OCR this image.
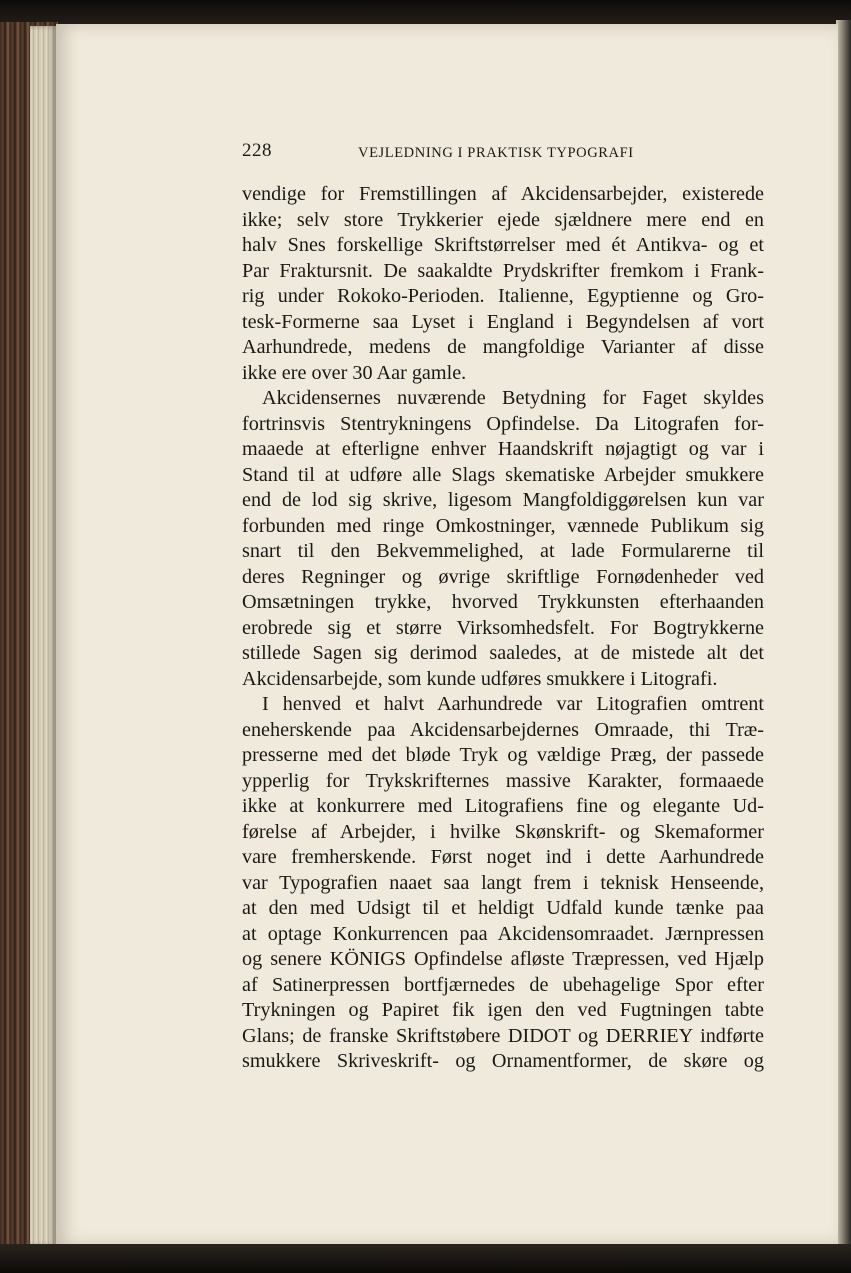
228	VEJLEDNING I PRAKTISK TYPOGRAFI
vendige for Fremstillingen af Akcidensarbejder, existerede
ikke; selv store Trykkerier ejede sjældnere mere end en
halv Snes forskellige Skriftstørrelser med ét Antikva- og et
Par Fraktursnit. De saakaldte Prydskrifter fremkom i Frank-
rig under Rokoko-Perioden. Italienne, Egyptienne og Gro-
tesk-Formerne saa Lyset i England i Begyndelsen af vort
Aarhundrede, medens de mangfoldige Varianter af disse
ikke ere over 30 Aar gamle.
Akcidensernes nuværende Betydning for Faget skyldes
fortrinsvis Stentrykningens Opfindelse. Da Litografen for-
maaede at efterligne enhver Haandskrift nøjagtigt og var i
Stand til at udføre alle Slags skematiske Arbejder smukkere
end de lod sig skrive, ligesom Mangfoldiggørelsen kun var
forbunden med ringe Omkostninger, vænnede Publikum sig
snart til den Bekvemmelighed, at lade Formularerne til
deres Regninger og øvrige skriftlige Fornødenheder ved
Omsætningen trykke, hvorved Trykkunsten efterhaanden
erobrede sig et større Virksomhedsfelt. For Bogtrykkerne
stillede Sagen sig derimod saaledes, at de mistede alt det
Akcidensarbejde, som kunde udføres smukkere i Litografi.
I henved et halvt Aarhundrede var Litografien omtrent
eneherskende paa Akcidensarbejdernes Omraade, thi Træ-
presserne med det bløde Tryk og vældige Præg, der passede
ypperlig for Trykskrifternes massive Karakter, formaaede
ikke at konkurrere med Litografiens fine og elegante Ud-
førelse af Arbejder, i hvilke Skønskrift- og Skemaformer
vare fremherskende. Først noget ind i dette Aarhundrede
var Typografien naaet saa langt frem i teknisk Henseende,
at den med Udsigt til et heldigt Udfald kunde tænke paa
at optage Konkurrencen paa Akcidensomraadet. Jærnpressen
og senere KÖNIGS Opfindelse afløste Træpressen, ved Hjælp
af Satinerpressen bortfjærnedes de ubehagelige Spor efter
Trykningen og Papiret fik igen den ved Fugtningen tabte
Glans; de franske Skriftstøbere DIDOT og DERRIEY indførte
smukkere Skriveskrift- og Ornamentformer, de skøre og
